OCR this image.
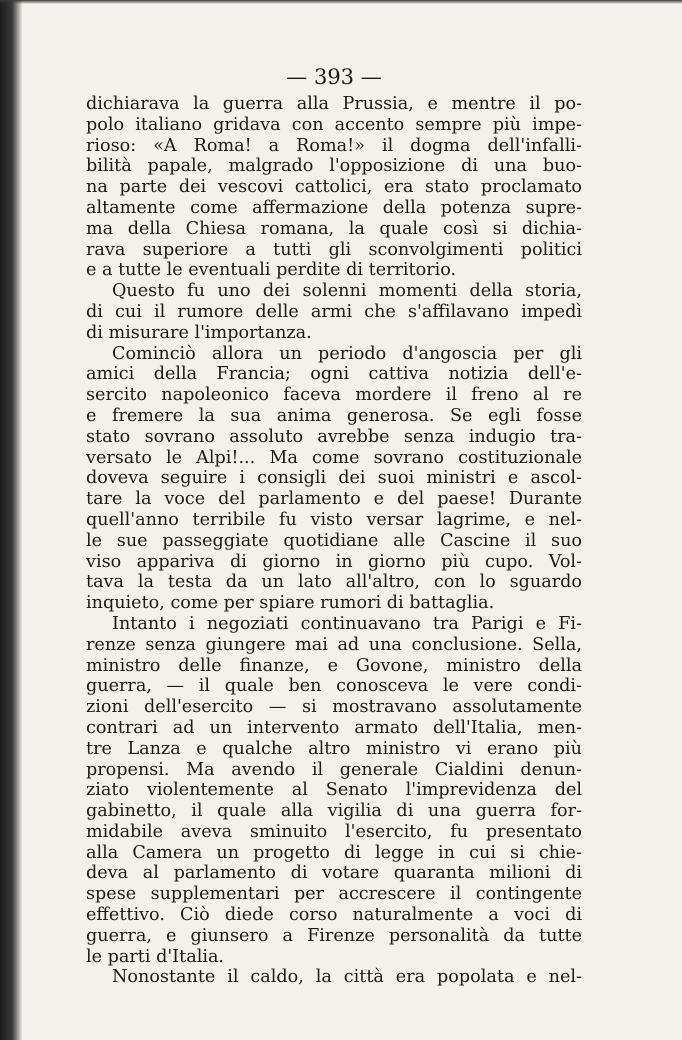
— 393 —
dichiarava la guerra alla Prussia, e mentre il po-
polo italiano gridava con accento sempre più impe-
rioso: «A Roma! a Roma!» il dogma dell'infalli-
bilità papale, malgrado l'opposizione di una buo-
na parte dei vescovi cattolici, era stato proclamato
altamente come affermazione della potenza supre-
ma della Chiesa romana, la quale così si dichia-
rava superiore a tutti gli sconvolgimenti politici
e a tutte le eventuali perdite di territorio.
Questo fu uno dei solenni momenti della storia,
di cui il rumore delle armi che s'affilavano impedì
di misurare l'importanza.
Cominciò allora un periodo d'angoscia per gli
amici della Francia; ogni cattiva notizia dell'e-
sercito napoleonico faceva mordere il freno al re
e fremere la sua anima generosa. Se egli fosse
stato sovrano assoluto avrebbe senza indugio tra-
versato le Alpi!... Ma come sovrano costituzionale
doveva seguire i consigli dei suoi ministri e ascol-
tare la voce del parlamento e del paese! Durante
quell'anno terribile fu visto versar lagrime, e nel-
le sue passeggiate quotidiane alle Cascine il suo
viso appariva di giorno in giorno più cupo. Vol-
tava la testa da un lato all'altro, con lo sguardo
inquieto, come per spiare rumori di battaglia.
Intanto i negoziati continuavano tra Parigi e Fi-
renze senza giungere mai ad una conclusione. Sella,
ministro delle finanze, e Govone, ministro della
guerra, — il quale ben conosceva le vere condi-
zioni dell'esercito — si mostravano assolutamente
contrari ad un intervento armato dell'Italia, men-
tre Lanza e qualche altro ministro vi erano più
propensi. Ma avendo il generale Cialdini denun-
ziato violentemente al Senato l'imprevidenza del
gabinetto, il quale alla vigilia di una guerra for-
midabile aveva sminuito l'esercito, fu presentato
alla Camera un progetto di legge in cui si chie-
deva al parlamento di votare quaranta milioni di
spese supplementari per accrescere il contingente
effettivo. Ciò diede corso naturalmente a voci di
guerra, e giunsero a Firenze personalità da tutte
le parti d'Italia.
Nonostante il caldo, la città era popolata e nel-
